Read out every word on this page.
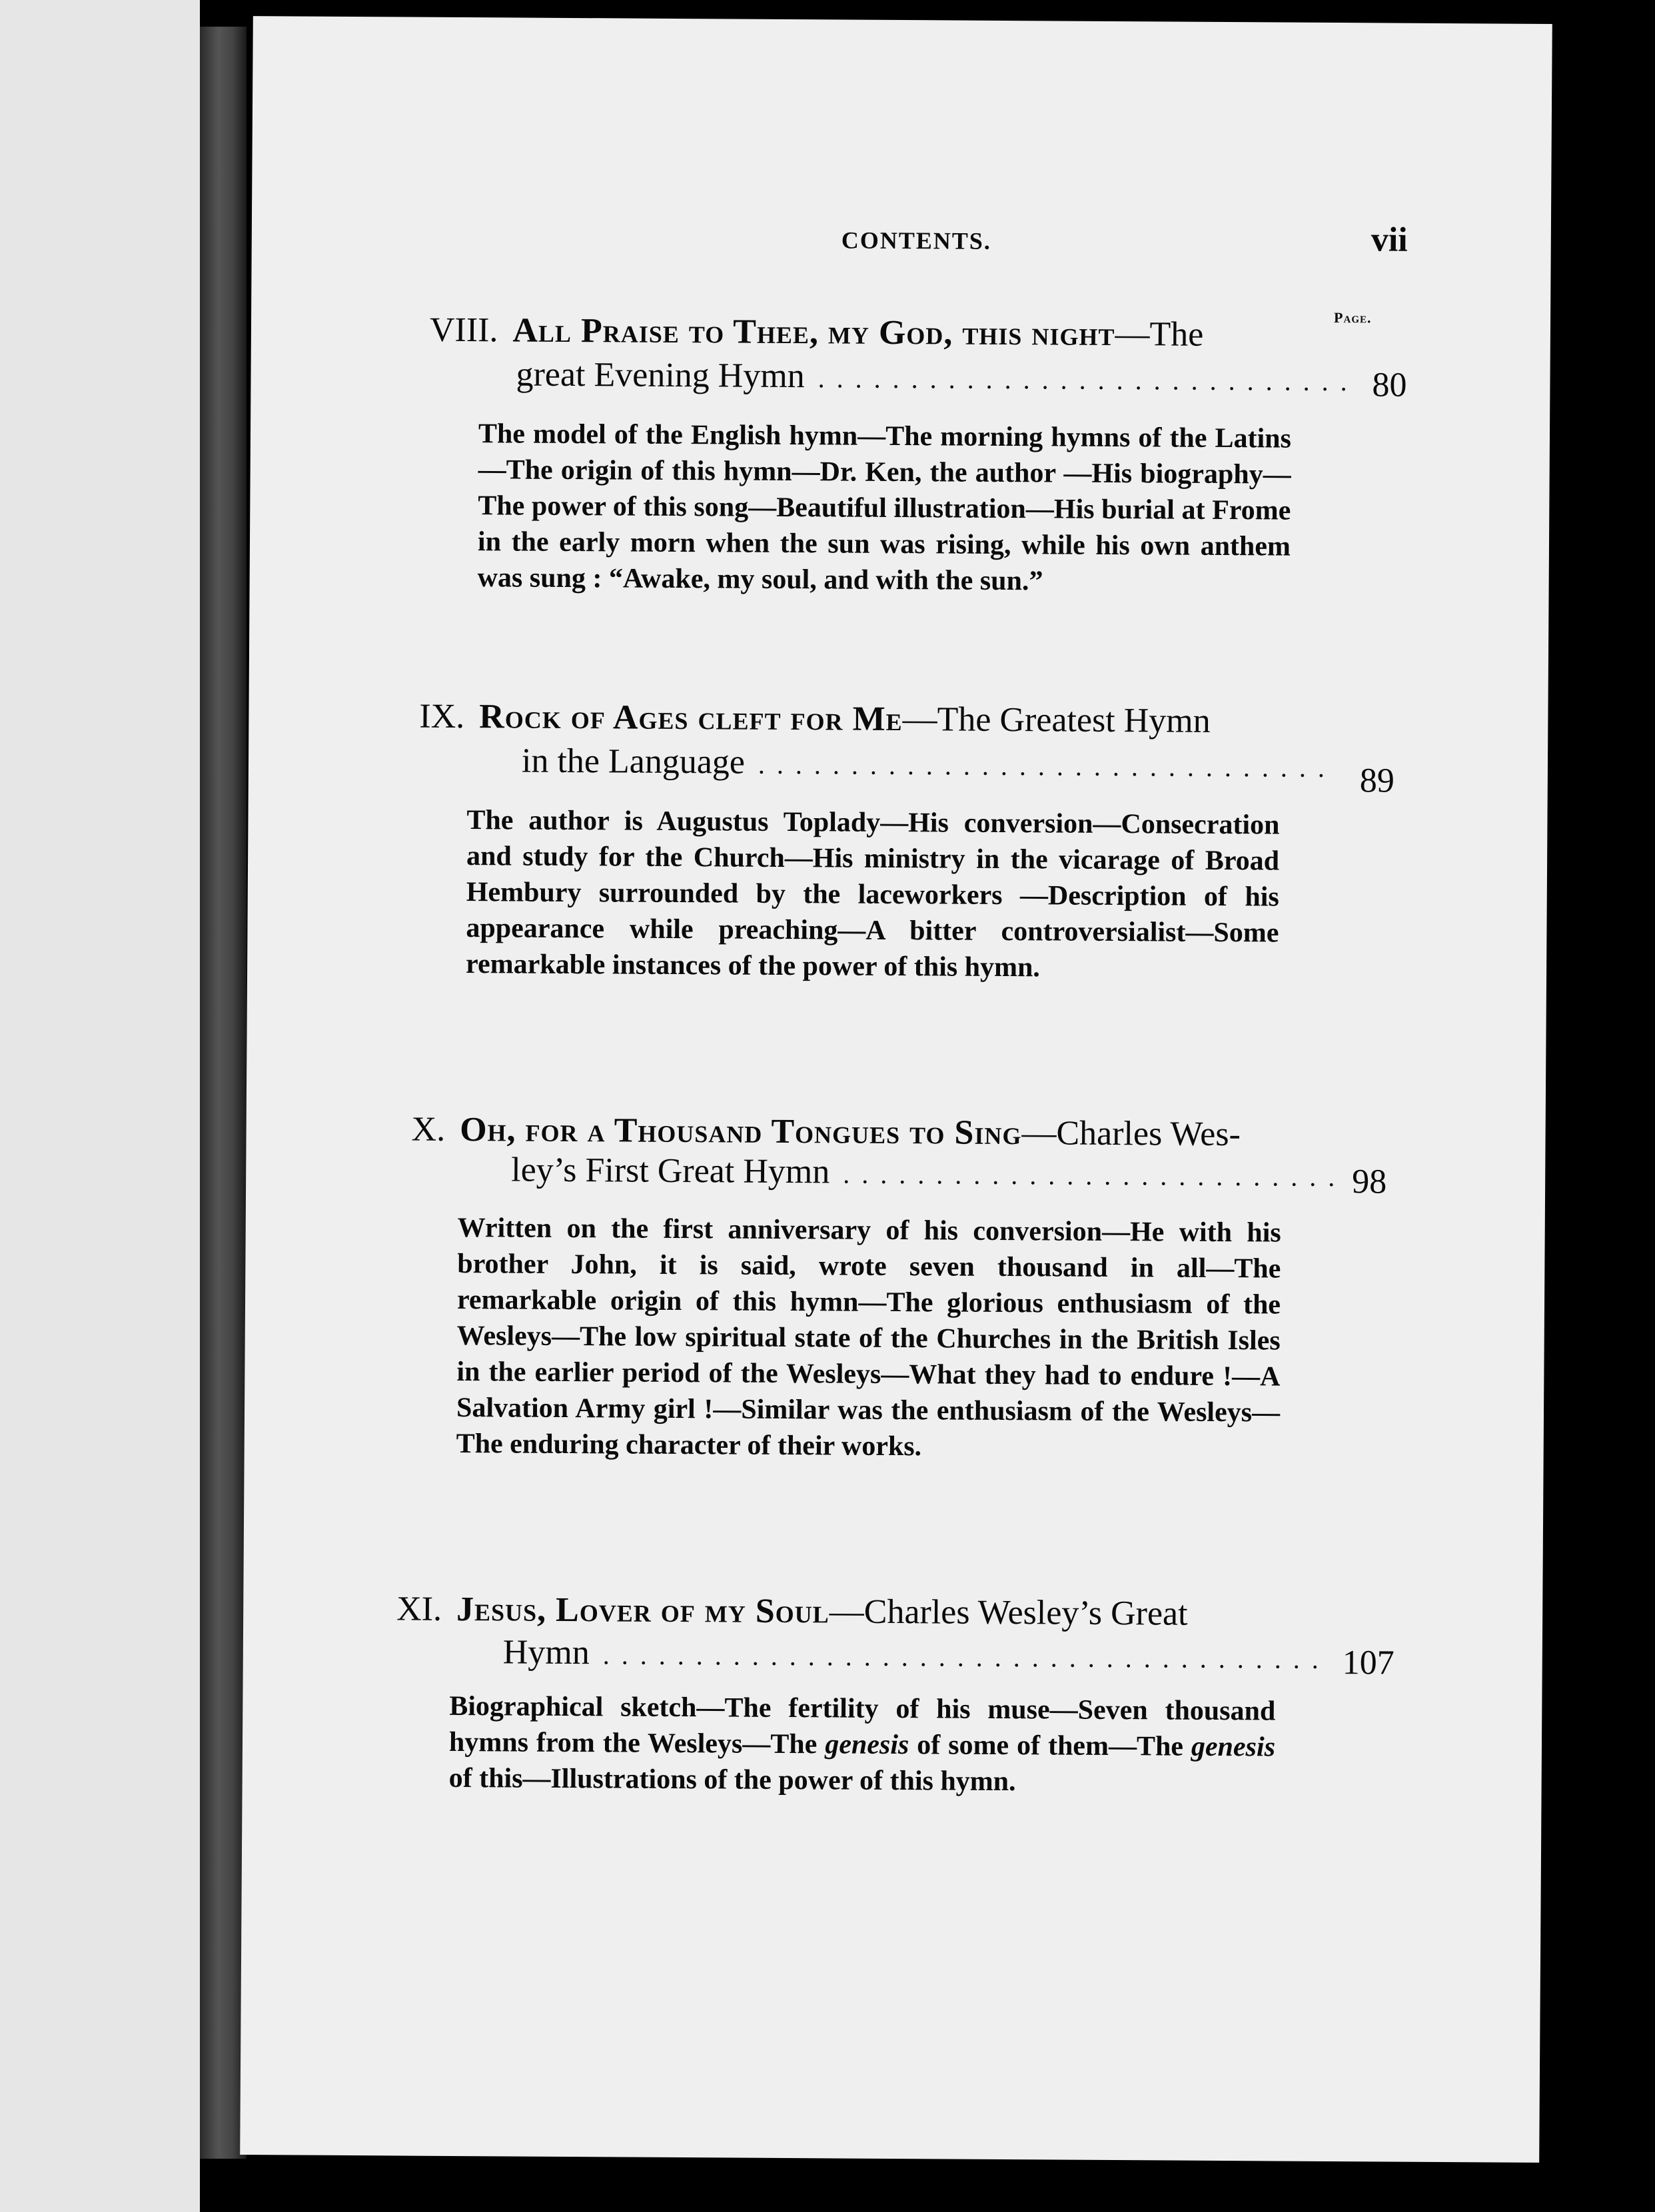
CONTENTS.	vii
Page.
VIII. All Praise to Thee, my God, this night—The
great Evening Hymn . . .	80
The model of the English hymn—The morning hymns of the Latins—The origin of this hymn—Dr. Ken, the author —His biography—The power of this song—Beautiful illustration—His burial at Frome in the early morn when the sun was rising, while his own anthem was sung : “Awake, my soul, and with the sun.”
IX. Rock of Ages cleft for Me—The Greatest Hymn
in the Language . . .	89
The author is Augustus Toplady—His conversion—Consecration and study for the Church—His ministry in the vicarage of Broad Hembury surrounded by the laceworkers —Description of his appearance while preaching—A bitter controversialist—Some remarkable instances of the power of this hymn.
X. Oh, for a Thousand Tongues to Sing—Charles Wes-
ley’s First Great Hymn . . .	98
Written on the first anniversary of his conversion—He with his brother John, it is said, wrote seven thousand in all—The remarkable origin of this hymn—The glorious enthusiasm of the Wesleys—The low spiritual state of the Churches in the British Isles in the earlier period of the Wesleys—What they had to endure !—A Salvation Army girl !—Similar was the enthusiasm of the Wesleys—The enduring character of their works.
XI. Jesus, Lover of my Soul—Charles Wesley’s Great
Hymn . . .	107
Biographical sketch—The fertility of his muse—Seven thousand hymns from the Wesleys—The genesis of some of them—The genesis of this—Illustrations of the power of this hymn.
